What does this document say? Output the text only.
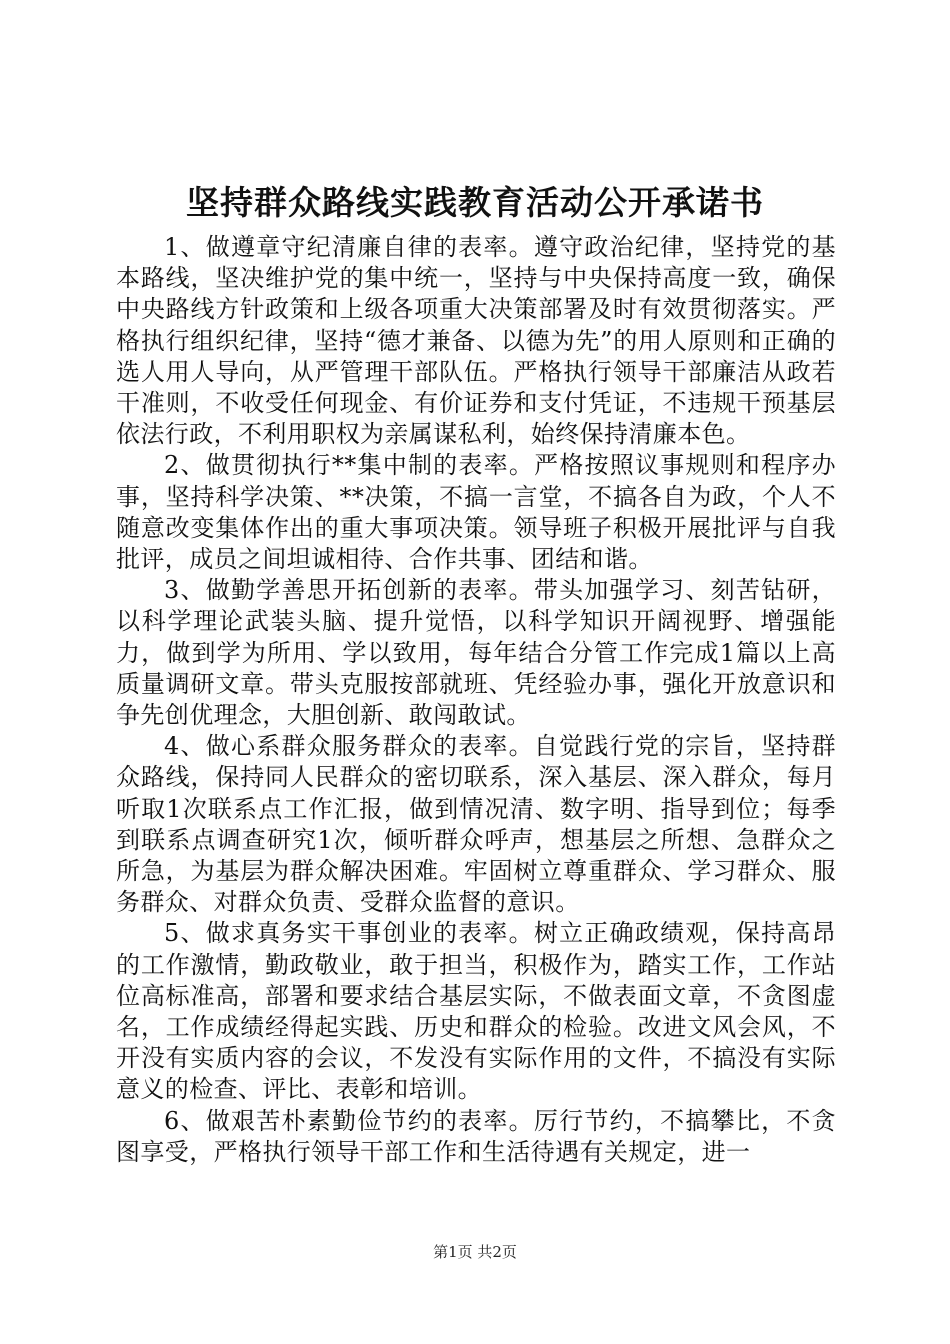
坚持群众路线实践教育活动公开承诺书

1、做遵章守纪清廉自律的表率。遵守政治纪律，坚持党的基本路线，坚决维护党的集中统一，坚持与中央保持高度一致，确保中央路线方针政策和上级各项重大决策部署及时有效贯彻落实。严格执行组织纪律，坚持“德才兼备、以德为先”的用人原则和正确的选人用人导向，从严管理干部队伍。严格执行领导干部廉洁从政若干准则，不收受任何现金、有价证券和支付凭证，不违规干预基层依法行政，不利用职权为亲属谋私利，始终保持清廉本色。

2、做贯彻执行**集中制的表率。严格按照议事规则和程序办事，坚持科学决策、**决策，不搞一言堂，不搞各自为政，个人不随意改变集体作出的重大事项决策。领导班子积极开展批评与自我批评，成员之间坦诚相待、合作共事、团结和谐。

3、做勤学善思开拓创新的表率。带头加强学习、刻苦钻研，以科学理论武装头脑、提升觉悟，以科学知识开阔视野、增强能力，做到学为所用、学以致用，每年结合分管工作完成1篇以上高质量调研文章。带头克服按部就班、凭经验办事，强化开放意识和争先创优理念，大胆创新、敢闯敢试。

4、做心系群众服务群众的表率。自觉践行党的宗旨，坚持群众路线，保持同人民群众的密切联系，深入基层、深入群众，每月听取1次联系点工作汇报，做到情况清、数字明、指导到位；每季到联系点调查研究1次，倾听群众呼声，想基层之所想、急群众之所急，为基层为群众解决困难。牢固树立尊重群众、学习群众、服务群众、对群众负责、受群众监督的意识。

5、做求真务实干事创业的表率。树立正确政绩观，保持高昂的工作激情，勤政敬业，敢于担当，积极作为，踏实工作，工作站位高标准高，部署和要求结合基层实际，不做表面文章，不贪图虚名，工作成绩经得起实践、历史和群众的检验。改进文风会风，不开没有实质内容的会议，不发没有实际作用的文件，不搞没有实际意义的检查、评比、表彰和培训。

6、做艰苦朴素勤俭节约的表率。厉行节约，不搞攀比，不贪图享受，严格执行领导干部工作和生活待遇有关规定，进一

第1页 共2页
